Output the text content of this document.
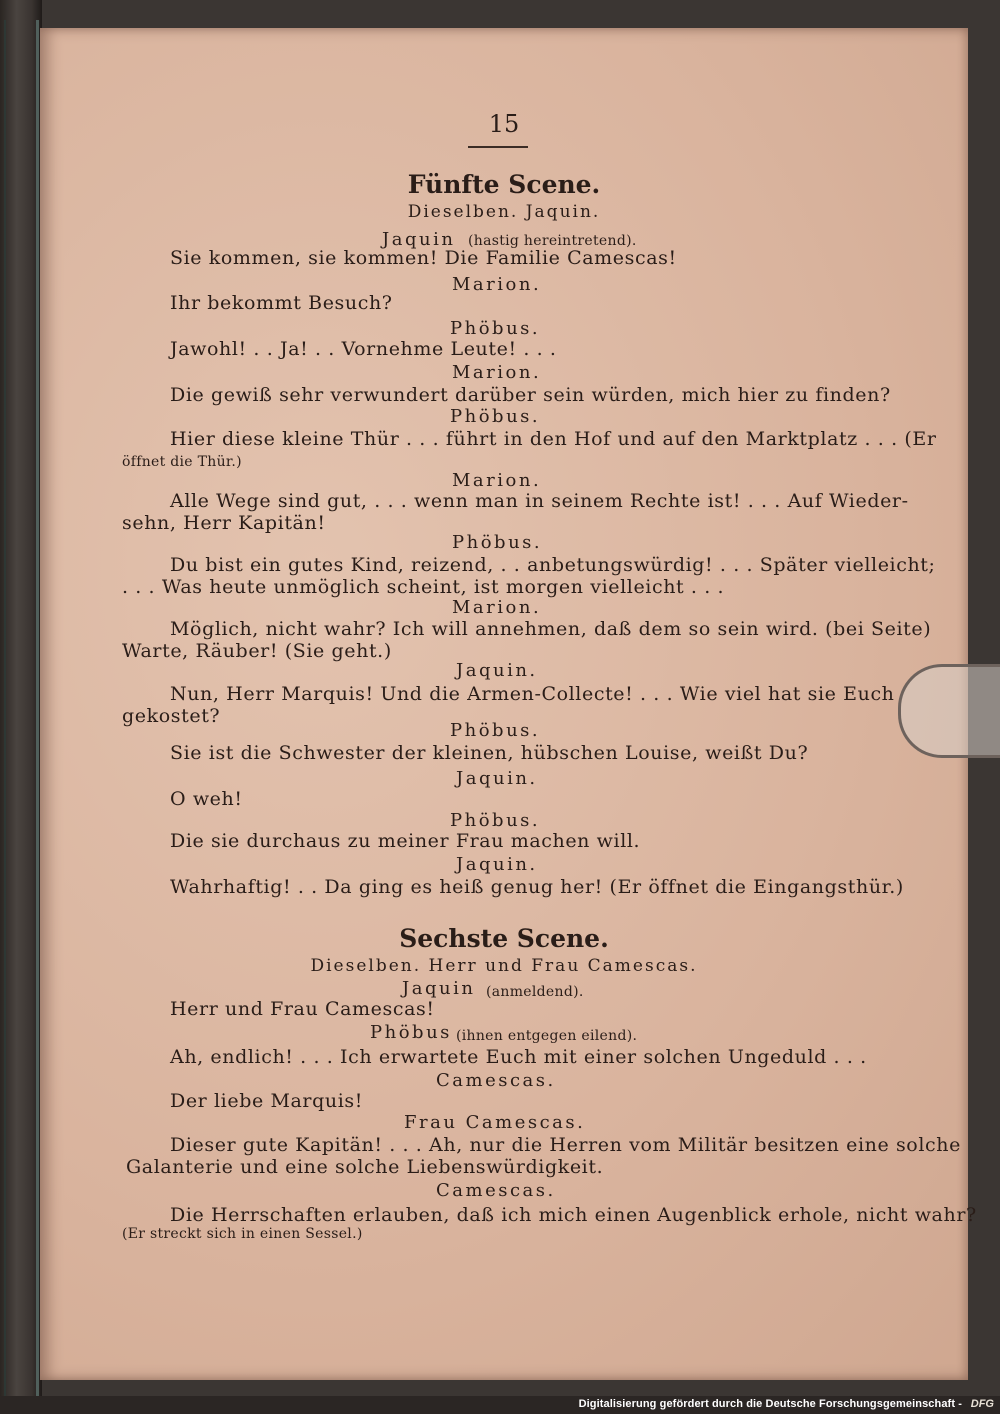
15
Fünfte Scene.
Dieselben. Jaquin.
Jaquin (hastig hereintretend).
Sie kommen, sie kommen! Die Familie Camescas!
Marion.
Ihr bekommt Besuch?
Phöbus.
Jawohl! . . Ja! . . Vornehme Leute! . . .
Marion.
Die gewiß sehr verwundert darüber sein würden, mich hier zu finden?
Phöbus.
Hier diese kleine Thür . . . führt in den Hof und auf den Marktplatz . . . (Er
öffnet die Thür.)
Marion.
Alle Wege sind gut, . . . wenn man in seinem Rechte ist! . . . Auf Wieder-
sehn, Herr Kapitän!
Phöbus.
Du bist ein gutes Kind, reizend, . . anbetungswürdig! . . . Später vielleicht;
. . . Was heute unmöglich scheint, ist morgen vielleicht . . .
Marion.
Möglich, nicht wahr? Ich will annehmen, daß dem so sein wird. (bei Seite)
Warte, Räuber! (Sie geht.)
Jaquin.
Nun, Herr Marquis! Und die Armen-Collecte! . . . Wie viel hat sie Euch
gekostet?
Phöbus.
Sie ist die Schwester der kleinen, hübschen Louise, weißt Du?
Jaquin.
O weh!
Phöbus.
Die sie durchaus zu meiner Frau machen will.
Jaquin.
Wahrhaftig! . . Da ging es heiß genug her! (Er öffnet die Eingangsthür.)
Sechste Scene.
Dieselben. Herr und Frau Camescas.
Jaquin (anmeldend).
Herr und Frau Camescas!
Phöbus (ihnen entgegen eilend).
Ah, endlich! . . . Ich erwartete Euch mit einer solchen Ungeduld . . .
Camescas.
Der liebe Marquis!
Frau Camescas.
Dieser gute Kapitän! . . . Ah, nur die Herren vom Militär besitzen eine solche
Galanterie und eine solche Liebenswürdigkeit.
Camescas.
Die Herrschaften erlauben, daß ich mich einen Augenblick erhole, nicht wahr?
(Er streckt sich in einen Sessel.)
Digitalisierung gefördert durch die Deutsche Forschungsgemeinschaft - DFG
